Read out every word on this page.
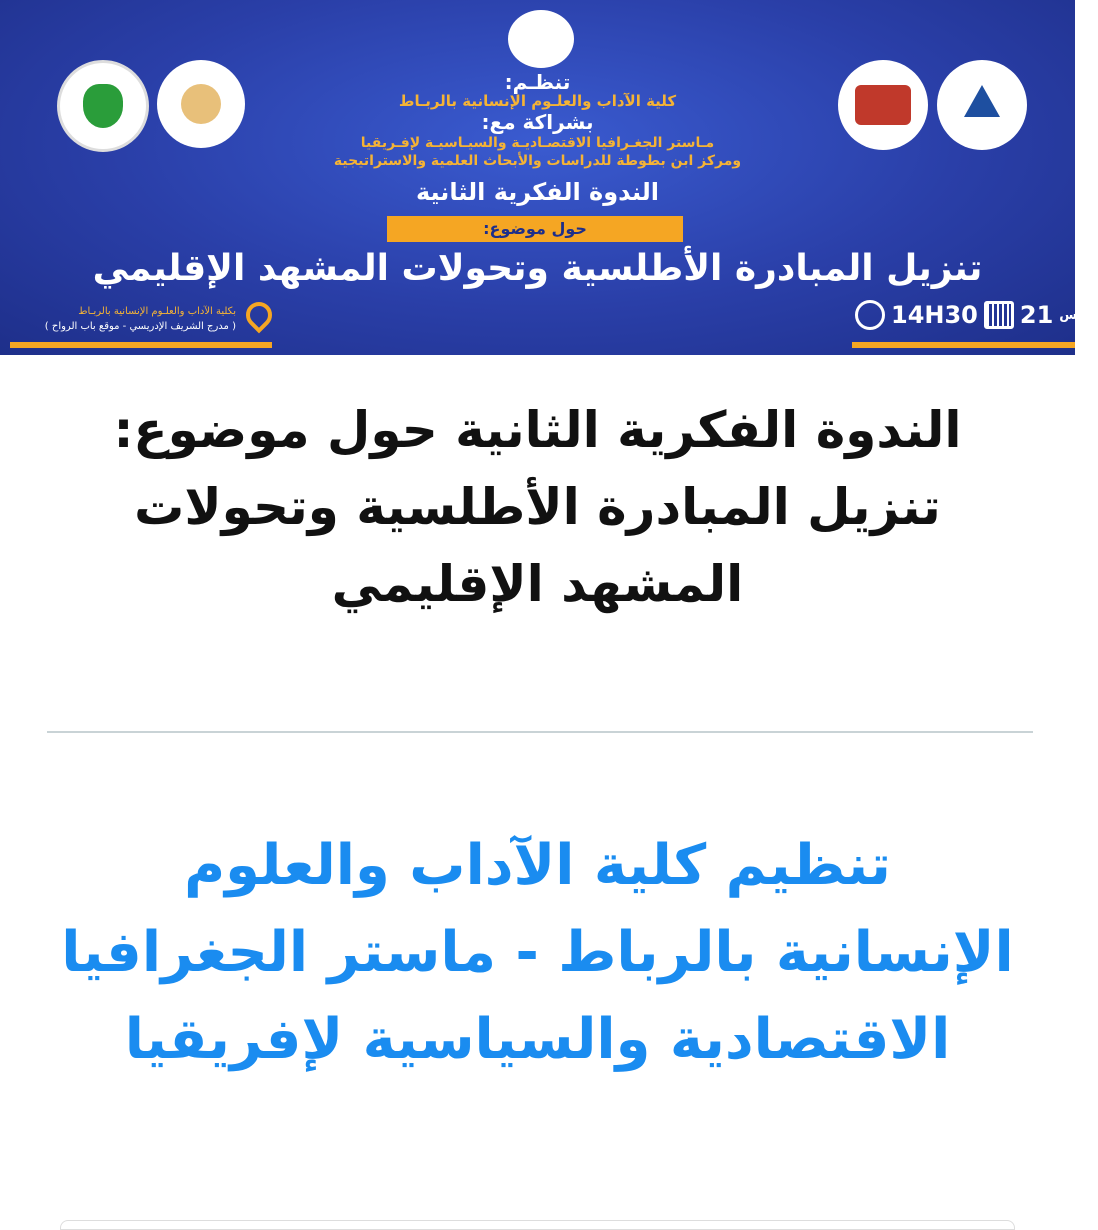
تنظـم:
كلية الآداب والعلـوم الإنسانية بالربـاط
بشراكة مع:
مـاستر الجغـرافيا الاقتصـاديـة والسيـاسيـة لإفـريقيا
ومركز ابن بطوطة للدراسات والأبحاث العلمية والاستراتيجية
الندوة الفكرية الثانية
حول موضوع:
تنزيل المبادرة الأطلسية وتحولات المشهد الإقليمي
بكلية الآداب والعلـوم الإنسانية بالربـاط
( مدرج الشريف الإدريسي - موقع باب الرواح )	14H30 21 مارس
الندوة الفكرية الثانية حول موضوع: تنزيل المبادرة الأطلسية وتحولات المشهد الإقليمي
تنظيم كلية الآداب والعلوم الإنسانية بالرباط - ماستر الجغرافيا الاقتصادية والسياسية لإفريقيا
